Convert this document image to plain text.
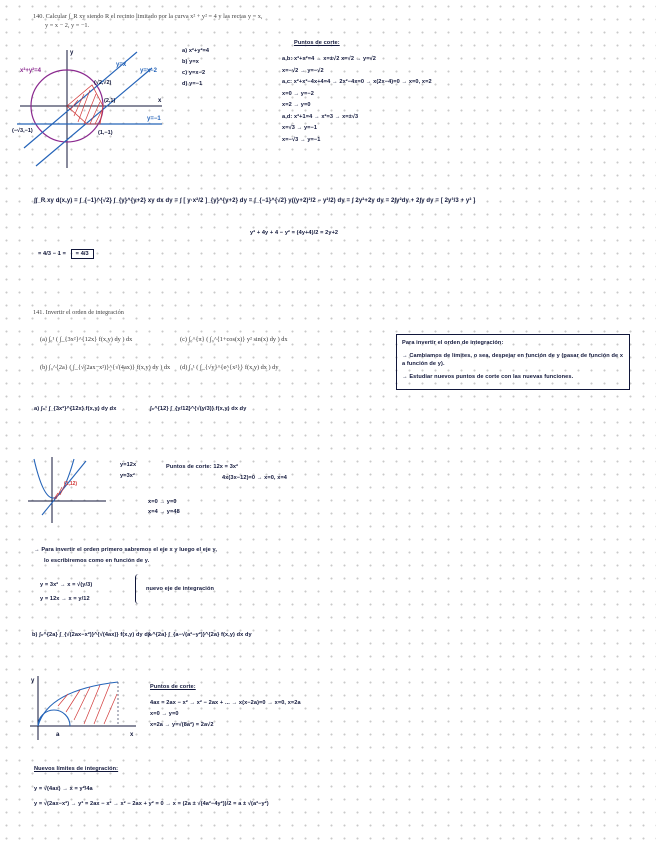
140. Calcular ∫_R xy siendo R el recinto limitado por la curva x² + y² = 4 y las rectas y = x,
y = x − 2, y = −1.
x²+y²=4
y=x
y=x−2
y=−1
y
x
(√2,√2)
(2,1)
(−√3,−1)	(1,−1)
a) x²+y²=4
b) y=x
c) y=x−2
d) y=−1
Puntos de corte:
a,b: x²+x²=4 → x=±√2 x=√2 → y=√2
x=−√2 → y=−√2
a,c: x²+x²−4x+4=4 → 2x²−4x=0 → x(2x−4)=0 → x=0, x=2
x=0 → y=−2
x=2 → y=0
a,d: x²+1=4 → x²=3 → x=±√3
x=√3 → y=−1
x=−√3 → y=−1
∫∫_R xy d(x,y) = ∫_{−1}^{√2} ∫_{y}^{y+2} xy dx dy = ∫ [ y·x²/2 ]_{y}^{y+2} dy = ∫_{−1}^{√2} y((y+2)²/2 − y²/2) dy = ∫ 2y²+2y dy = 2∫y²dy + 2∫y dy = [ 2y³/3 + y² ]
y² + 4y + 4 − y² = (4y+4)/2 = 2y+2
= 4/3 − 1 = = 4/3
141. Invertir el orden de integración
(a) ∫₀¹ ( ∫_{3x²}^{12x} f(x,y) dy ) dx	(c) ∫₀^{π} ( ∫₀^{1+cos(x)} y² sin(x) dy ) dx
(b) ∫₀^{2a} ( ∫_{√(2ax−x²)}^{√(4ax)} f(x,y) dy ) dx (d) ∫₀¹ ( ∫_{√y}^{e^{x²}} f(x,y) dx ) dy
Para invertir el orden de integración:
→ Cambiamos de límites, o sea, despejar en función de y (pasar de función de x a función de y).
→ Estudiar nuevos puntos de corte con las nuevas funciones.
a) ∫₀¹ ∫_{3x²}^{12x} f(x,y) dy dx	∫₀^{12} ∫_{y/12}^{√(y/3)} f(x,y) dx dy
(1,12)
y=12x
y=3x²
Puntos de corte: 12x = 3x²
4x(3x−12)=0 → x=0, x=4
x=0 → y=0
x=4 → y=48
→ Para invertir el orden primero sabremos el eje x y luego el eje y,
lo escribiremos como en función de y.
y = 3x² → x = √(y/3)
y = 12x → x = y/12
nuevo eje de integración
b) ∫₀^{2a} ∫_{√(2ax−x²)}^{√(4ax)} f(x,y) dy dx
∫₀^{2a} ∫_{a−√(a²−y²)}^{2a} f(x,y) dx dy
y
x
a
Puntos de corte:
4ax = 2ax − x² → x² − 2ax + ... → x(x−2a)=0 → x=0, x=2a
x=0 → y=0
x=2a → y=√(8a²) = 2a√2
Nuevos límites de integración:
y = √(4ax) → x = y²/4a
y = √(2ax−x²) → y² = 2ax − x² → x² − 2ax + y² = 0 → x = (2a ± √(4a²−4y²))/2 = a ± √(a²−y²)
